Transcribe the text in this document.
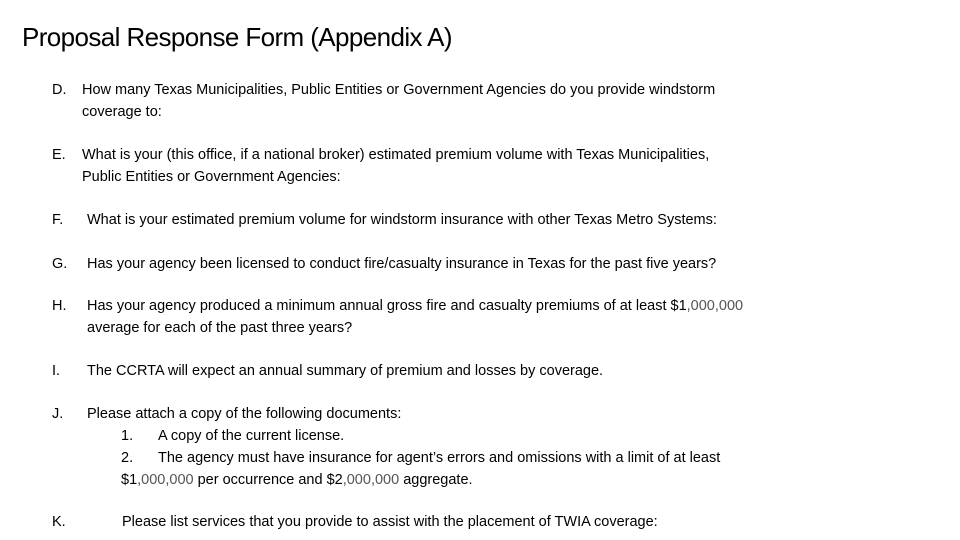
Proposal Response Form (Appendix A)
D. How many Texas Municipalities, Public Entities or Government Agencies do you provide windstorm
coverage to:
E. What is your (this office, if a national broker) estimated premium volume with Texas Municipalities,
Public Entities or Government Agencies:
F. What is your estimated premium volume for windstorm insurance with other Texas Metro Systems:
G. Has your agency been licensed to conduct fire/casualty insurance in Texas for the past five years?
H. Has your agency produced a minimum annual gross fire and casualty premiums of at least $1,000,000
average for each of the past three years?
I. The CCRTA will expect an annual summary of premium and losses by coverage.
J. Please attach a copy of the following documents:
1. A copy of the current license.
2. The agency must have insurance for agent’s errors and omissions with a limit of at least
$1,000,000 per occurrence and $2,000,000 aggregate.
K.	Please list services that you provide to assist with the placement of TWIA coverage:
